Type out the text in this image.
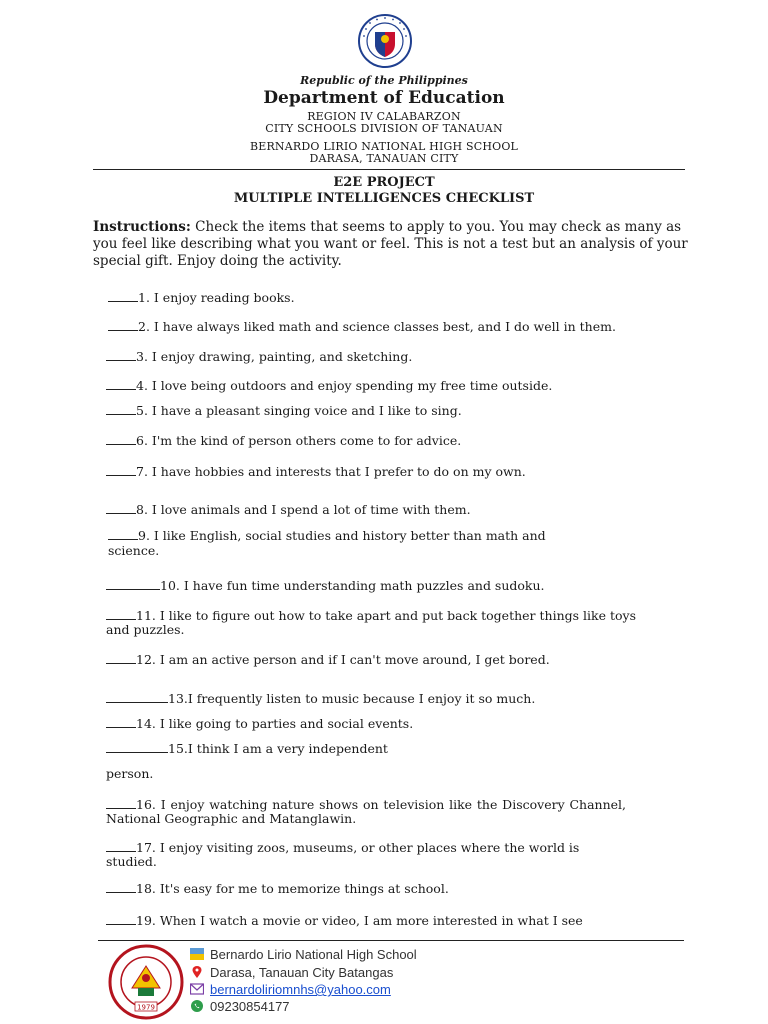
Republic of the Philippines
Department of Education
REGION IV CALABARZON
CITY SCHOOLS DIVISION OF TANAUAN
BERNARDO LIRIO NATIONAL HIGH SCHOOL
DARASA, TANAUAN CITY
E2E PROJECT
MULTIPLE INTELLIGENCES CHECKLIST
Instructions: Check the items that seems to apply to you. You may check as many as you feel like describing what you want or feel. This is not a test but an analysis of your special gift. Enjoy doing the activity.
1. I enjoy reading books.
2. I have always liked math and science classes best, and I do well in them.
3. I enjoy drawing, painting, and sketching.
4. I love being outdoors and enjoy spending my free time outside.
5. I have a pleasant singing voice and I like to sing.
6. I'm the kind of person others come to for advice.
7. I have hobbies and interests that I prefer to do on my own.
8. I love animals and I spend a lot of time with them.
9. I like English, social studies and history better than math and science.
10. I have fun time understanding math puzzles and sudoku.
11. I like to figure out how to take apart and put back together things like toys and puzzles.
12. I am an active person and if I can't move around, I get bored.
13.I frequently listen to music because I enjoy it so much.
14. I like going to parties and social events.
15.I think I am a very independent
person.
16. I enjoy watching nature shows on television like the Discovery Channel, National Geographic and Matanglawin.
17. I enjoy visiting zoos, museums, or other places where the world is studied.
18. It's easy for me to memorize things at school.
19. When I watch a movie or video, I am more interested in what I see
1979
Bernardo Lirio National High School
Darasa, Tanauan City Batangas
bernardoliriomnhs@yahoo.com
09230854177
